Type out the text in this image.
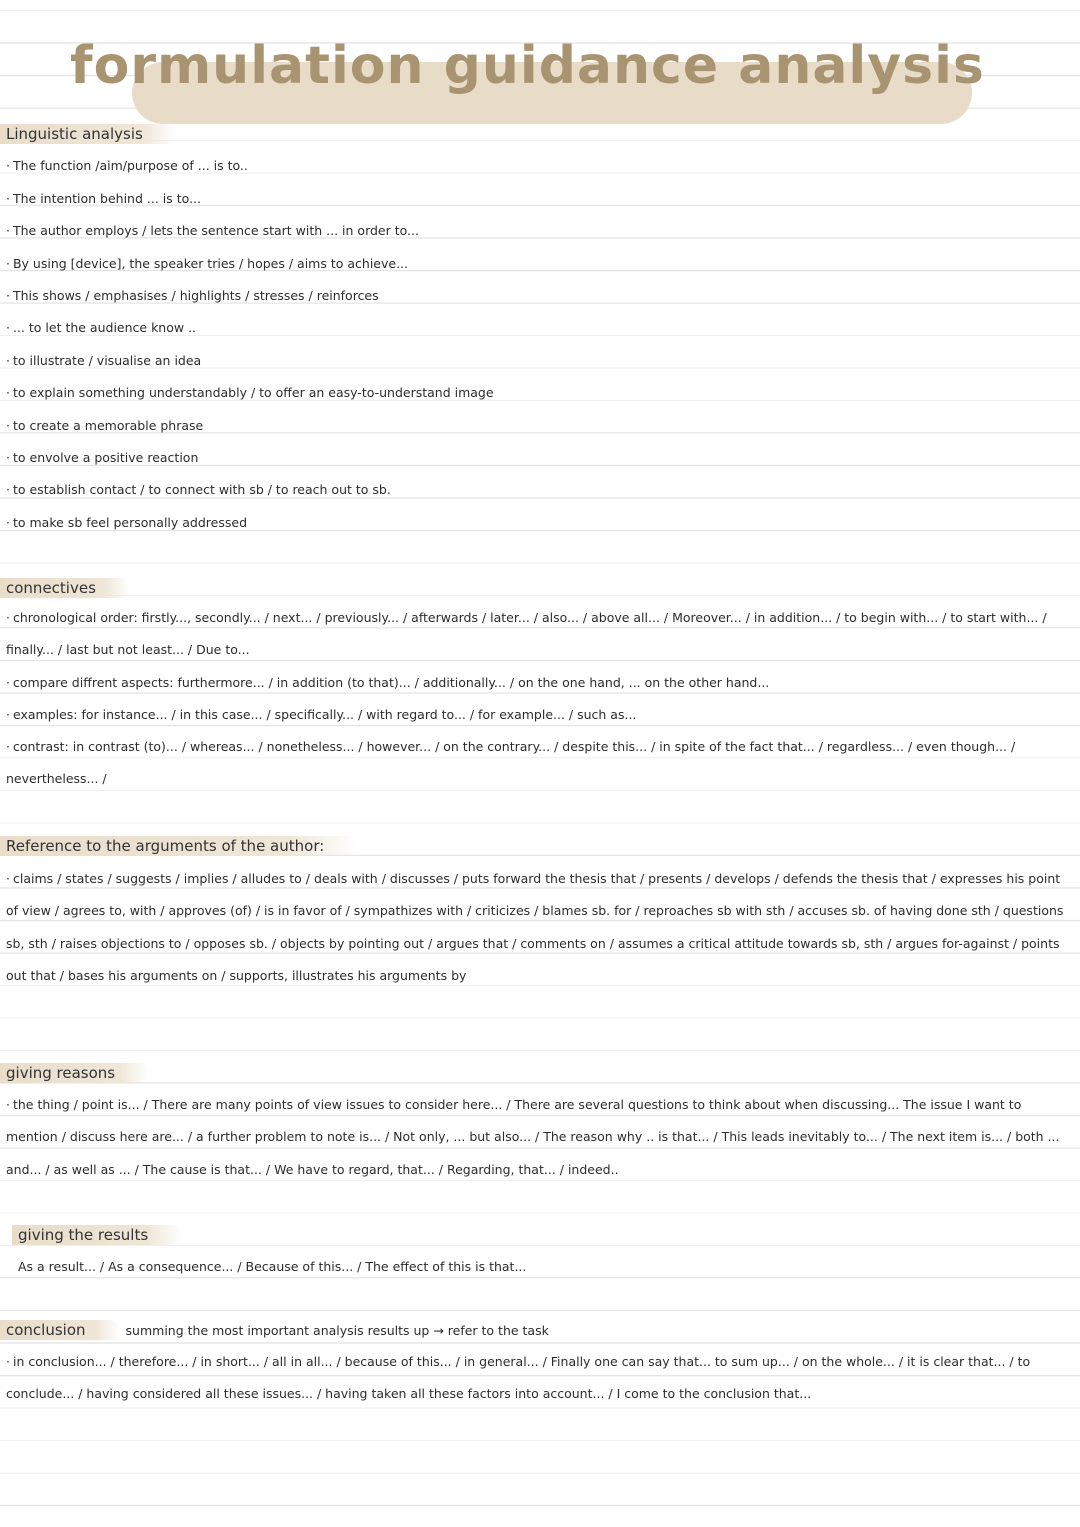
formulation guidance analysis
Linguistic analysis
· The function /aim/purpose of ... is to..
· The intention behind ... is to...
· The author employs / lets the sentence start with ... in order to...
· By using [device], the speaker tries / hopes / aims to achieve...
· This shows / emphasises / highlights / stresses / reinforces
· ... to let the audience know ..
· to illustrate / visualise an idea
· to explain something understandably / to offer an easy-to-understand image
· to create a memorable phrase
· to envolve a positive reaction
· to establish contact / to connect with sb / to reach out to sb.
· to make sb feel personally addressed
connectives

· chronological order: firstly..., secondly... / next... / previously... / afterwards / later... / also... / above all... / Moreover... / in addition... / to begin with... / to start with... / finally... / last but not least... / Due to...

· compare diffrent aspects: furthermore... / in addition (to that)... / additionally... / on the one hand, ... on the other hand...

· examples: for instance... / in this case... / specifically... / with regard to... / for example... / such as...

· contrast: in contrast (to)... / whereas... / nonetheless... / however... / on the contrary... / despite this... / in spite of the fact that... / regardless... / even though... / nevertheless... /

Reference to the arguments of the author:

· claims / states / suggests / implies / alludes to / deals with / discusses / puts forward the thesis that / presents / develops / defends the thesis that / expresses his point of view / agrees to, with / approves (of) / is in favor of / sympathizes with / criticizes / blames sb. for / reproaches sb with sth / accuses sb. of having done sth / questions sb, sth / raises objections to / opposes sb. / objects by pointing out / argues that / comments on / assumes a critical attitude towards sb, sth / argues for-against / points out that / bases his arguments on / supports, illustrates his arguments by

giving reasons

· the thing / point is... / There are many points of view issues to consider here... / There are several questions to think about when discussing... The issue I want to mention / discuss here are... / a further problem to note is... / Not only, ... but also... / The reason why .. is that... / This leads inevitably to... / The next item is... / both ... and... / as well as ... / The cause is that... / We have to regard, that... / Regarding, that... / indeed..

giving the results

As a result... / As a consequence... / Because of this... / The effect of this is that...

conclusion	summing the most important analysis results up → refer to the task

· in conclusion... / therefore... / in short... / all in all... / because of this... / in general... / Finally one can say that... to sum up... / on the whole... / it is clear that... / to conclude... / having considered all these issues... / having taken all these factors into account... / I come to the conclusion that...
